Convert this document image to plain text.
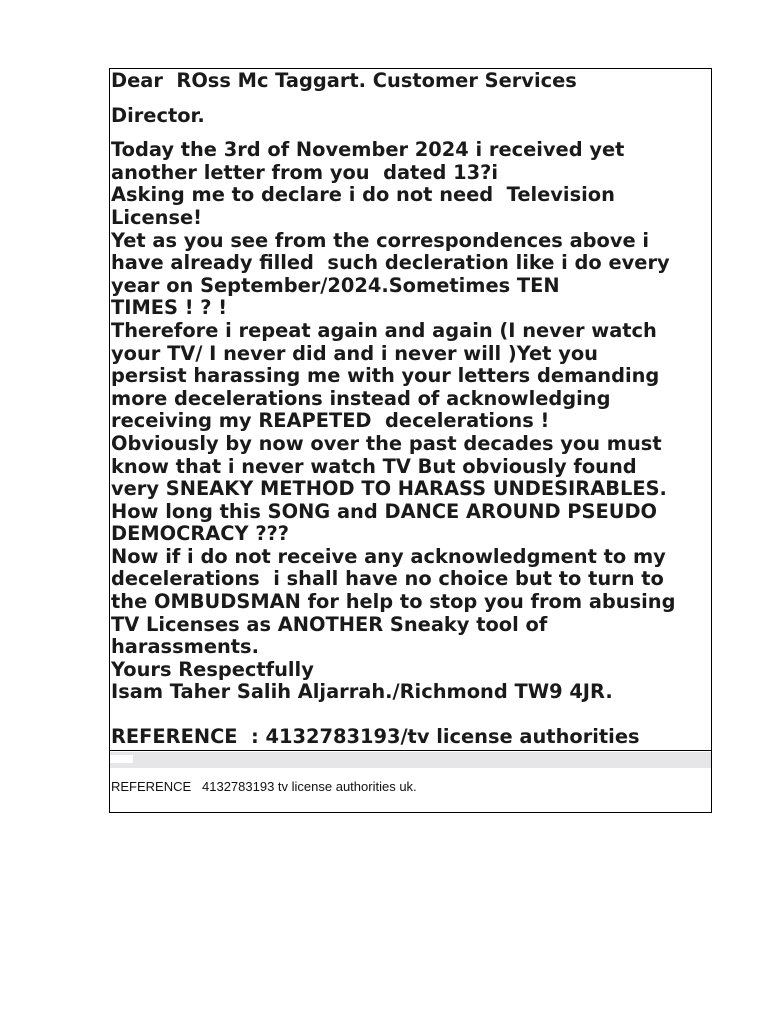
Dear  ROss Mc Taggart. Customer Services
Director.
Today the 3rd of November 2024 i received yet
another letter from you  dated 13?i
Asking me to declare i do not need  Television
License!
Yet as you see from the correspondences above i
have already filled  such decleration like i do every
year on September/2024.Sometimes TEN
TIMES ! ? !
Therefore i repeat again and again (I never watch
your TV/ I never did and i never will )Yet you
persist harassing me with your letters demanding
more decelerations instead of acknowledging
receiving my REAPETED  decelerations !
Obviously by now over the past decades you must
know that i never watch TV But obviously found
very SNEAKY METHOD TO HARASS UNDESIRABLES.
How long this SONG and DANCE AROUND PSEUDO
DEMOCRACY ???
Now if i do not receive any acknowledgment to my
decelerations  i shall have no choice but to turn to
the OMBUDSMAN for help to stop you from abusing
TV Licenses as ANOTHER Sneaky tool of
harassments.
Yours Respectfully
Isam Taher Salih Aljarrah./Richmond TW9 4JR.
REFERENCE  : 4132783193/tv license authorities
REFERENCE   4132783193 tv license authorities uk.
